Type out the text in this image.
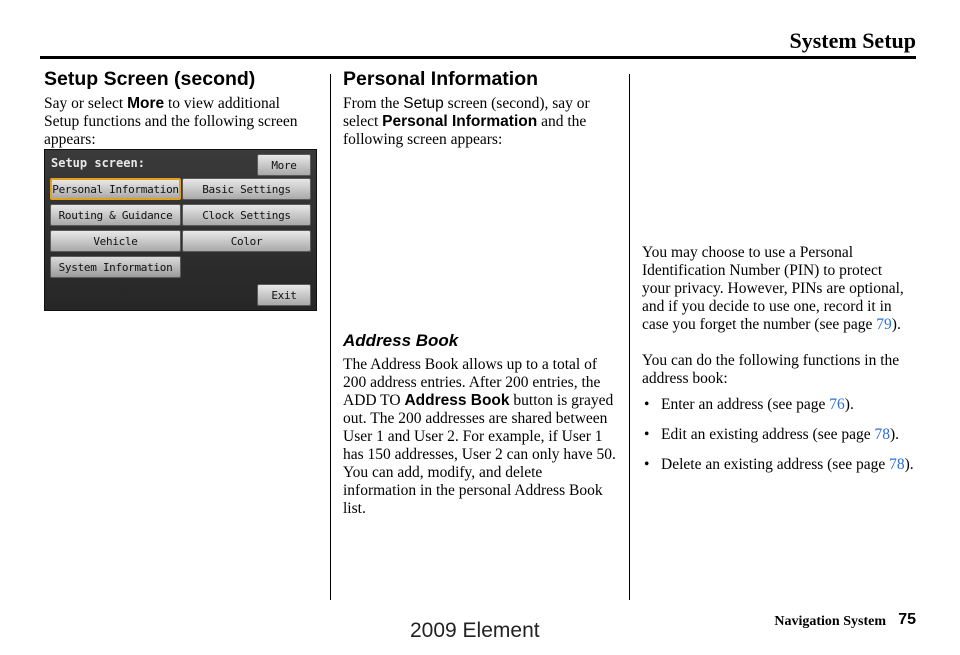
System Setup
Setup Screen (second)

Say or select More to view additional Setup functions and the following screen appears:

Setup screen:	More
Personal Information	Basic Settings
Routing & Guidance	Clock Settings
Vehicle	Color
System Information
Exit
Personal Information

From the Setup screen (second), say or select Personal Information and the following screen appears:

Address Book

The Address Book allows up to a total of 200 address entries. After 200 entries, the ADD TO Address Book button is grayed out. The 200 addresses are shared between User 1 and User 2. For example, if User 1 has 150 addresses, User 2 can only have 50.

You can add, modify, and delete information in the personal Address Book list.

You may choose to use a Personal Identification Number (PIN) to protect your privacy. However, PINs are optional, and if you decide to use one, record it in case you forget the number (see page 79).

You can do the following functions in the address book:

• Enter an address (see page 76).
• Edit an existing address (see page 78).
• Delete an existing address (see page 78).
Navigation System 75
2009 Element
